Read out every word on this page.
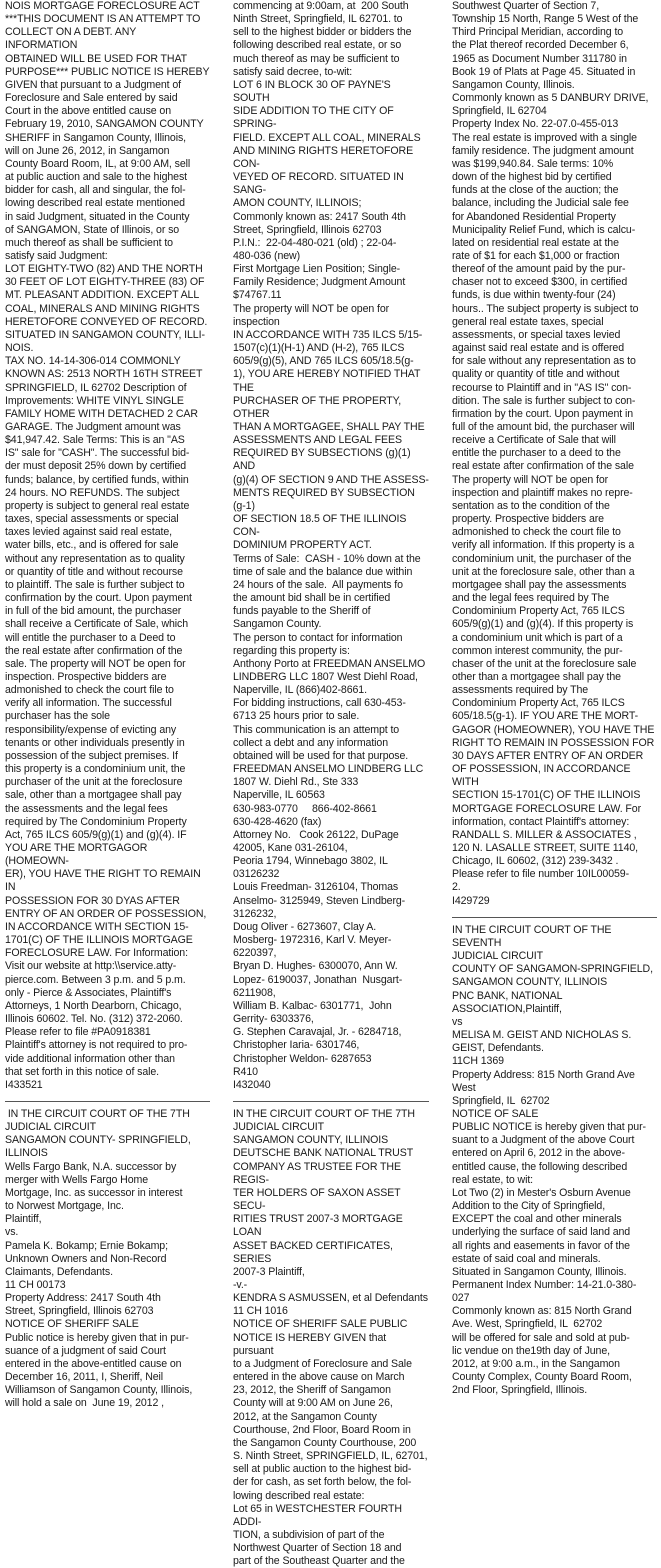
NOIS MORTGAGE FORECLOSURE ACT

***THIS DOCUMENT IS AN ATTEMPT TO

COLLECT ON A DEBT. ANY INFORMATION

OBTAINED WILL BE USED FOR THAT

PURPOSE*** PUBLIC NOTICE IS HEREBY

GIVEN that pursuant to a Judgment of

Foreclosure and Sale entered by said

Court in the above entitled cause on

February 19, 2010, SANGAMON COUNTY

SHERIFF in Sangamon County, Illinois,

will on June 26, 2012, in Sangamon

County Board Room, IL, at 9:00 AM, sell

at public auction and sale to the highest

bidder for cash, all and singular, the fol-

lowing described real estate mentioned

in said Judgment, situated in the County

of SANGAMON, State of Illinois, or so

much thereof as shall be sufficient to

satisfy said Judgment:

LOT EIGHTY-TWO (82) AND THE NORTH

30 FEET OF LOT EIGHTY-THREE (83) OF

MT. PLEASANT ADDITION. EXCEPT ALL

COAL, MINERALS AND MINING RIGHTS

HERETOFORE CONVEYED OF RECORD.

SITUATED IN SANGAMON COUNTY, ILLI-

NOIS.

TAX NO. 14-14-306-014 COMMONLY

KNOWN AS: 2513 NORTH 16TH STREET

SPRINGFIELD, IL 62702 Description of

Improvements: WHITE VINYL SINGLE

FAMILY HOME WITH DETACHED 2 CAR

GARAGE. The Judgment amount was

$41,947.42. Sale Terms: This is an "AS

IS" sale for "CASH". The successful bid-

der must deposit 25% down by certified

funds; balance, by certified funds, within

24 hours. NO REFUNDS. The subject

property is subject to general real estate

taxes, special assessments or special

taxes levied against said real estate,

water bills, etc., and is offered for sale

without any representation as to quality

or quantity of title and without recourse

to plaintiff. The sale is further subject to

confirmation by the court. Upon payment

in full of the bid amount, the purchaser

shall receive a Certificate of Sale, which

will entitle the purchaser to a Deed to

the real estate after confirmation of the

sale. The property will NOT be open for

inspection. Prospective bidders are

admonished to check the court file to

verify all information. The successful

purchaser has the sole

responsibility/expense of evicting any

tenants or other individuals presently in

possession of the subject premises. If

this property is a condominium unit, the

purchaser of the unit at the foreclosure

sale, other than a mortgagee shall pay

the assessments and the legal fees

required by The Condominium Property

Act, 765 ILCS 605/9(g)(1) and (g)(4). IF

YOU ARE THE MORTGAGOR (HOMEOWN-

ER), YOU HAVE THE RIGHT TO REMAIN IN

POSSESSION FOR 30 DYAS AFTER

ENTRY OF AN ORDER OF POSSESSION,

IN ACCORDANCE WITH SECTION 15-

1701(C) OF THE ILLINOIS MORTGAGE

FORECLOSURE LAW. For Information:

Visit our website at http:\\service.atty-

pierce.com. Between 3 p.m. and 5 p.m.

only - Pierce & Associates, Plaintiff's

Attorneys, 1 North Dearborn, Chicago,

Illinois 60602. Tel. No. (312) 372-2060.

Please refer to file #PA0918381

Plaintiff's attorney is not required to pro-

vide additional information other than

that set forth in this notice of sale.

I433521

IN THE CIRCUIT COURT OF THE 7TH

JUDICIAL CIRCUIT

SANGAMON COUNTY- SPRINGFIELD,

ILLINOIS

Wells Fargo Bank, N.A. successor by

merger with Wells Fargo Home

Mortgage, Inc. as successor in interest

to Norwest Mortgage, Inc.

Plaintiff,

vs.

Pamela K. Bokamp; Ernie Bokamp;

Unknown Owners and Non-Record

Claimants, Defendants.

11 CH 00173

Property Address: 2417 South 4th

Street, Springfield, Illinois 62703

NOTICE OF SHERIFF SALE

Public notice is hereby given that in pur-

suance of a judgment of said Court

entered in the above-entitled cause on

December 16, 2011, I, Sheriff, Neil

Williamson of Sangamon County, Illinois,

will hold a sale on  June 19, 2012 ,

commencing at 9:00am, at  200 South

Ninth Street, Springfield, IL 62701. to

sell to the highest bidder or bidders the

following described real estate, or so

much thereof as may be sufficient to

satisfy said decree, to-wit:

LOT 6 IN BLOCK 30 OF PAYNE'S SOUTH

SIDE ADDITION TO THE CITY OF SPRING-

FIELD. EXCEPT ALL COAL, MINERALS

AND MINING RIGHTS HERETOFORE CON-

VEYED OF RECORD. SITUATED IN SANG-

AMON COUNTY, ILLINOIS;

Commonly known as: 2417 South 4th

Street, Springfield, Illinois 62703

P.I.N.:  22-04-480-021 (old) ; 22-04-

480-036 (new)

First Mortgage Lien Position; Single-

Family Residence; Judgment Amount

$74767.11

The property will NOT be open for

inspection

IN ACCORDANCE WITH 735 ILCS 5/15-

1507(c)(1)(H-1) AND (H-2), 765 ILCS

605/9(g)(5), AND 765 ILCS 605/18.5(g-

1), YOU ARE HEREBY NOTIFIED THAT THE

PURCHASER OF THE PROPERTY, OTHER

THAN A MORTGAGEE, SHALL PAY THE

ASSESSMENTS AND LEGAL FEES

REQUIRED BY SUBSECTIONS (g)(1) AND

(g)(4) OF SECTION 9 AND THE ASSESS-

MENTS REQUIRED BY SUBSECTION (g-1)

OF SECTION 18.5 OF THE ILLINOIS CON-

DOMINIUM PROPERTY ACT.

Terms of Sale:  CASH - 10% down at the

time of sale and the balance due within

24 hours of the sale.  All payments fo

the amount bid shall be in certified

funds payable to the Sheriff of

Sangamon County.

The person to contact for information

regarding this property is:

Anthony Porto at FREEDMAN ANSELMO

LINDBERG LLC 1807 West Diehl Road,

Naperville, IL (866)402-8661.

For bidding instructions, call 630-453-

6713 25 hours prior to sale.

This communication is an attempt to

collect a debt and any information

obtained will be used for that purpose.

FREEDMAN ANSELMO LINDBERG LLC

1807 W. Diehl Rd., Ste 333

Naperville, IL 60563

630-983-0770     866-402-8661

630-428-4620 (fax)

Attorney No.   Cook 26122, DuPage

42005, Kane 031-26104,

Peoria 1794, Winnebago 3802, IL

03126232

Louis Freedman- 3126104, Thomas

Anselmo- 3125949, Steven Lindberg-

3126232,

Doug Oliver - 6273607, Clay A.

Mosberg- 1972316, Karl V. Meyer-

6220397,

Bryan D. Hughes- 6300070, Ann W.

Lopez- 6190037, Jonathan  Nusgart-

6211908,

William B. Kalbac- 6301771,  John

Gerrity- 6303376,

G. Stephen Caravajal, Jr. - 6284718,

Christopher Iaria- 6301746,

Christopher Weldon- 6287653

R410

I432040

IN THE CIRCUIT COURT OF THE 7TH

JUDICIAL CIRCUIT

SANGAMON COUNTY, ILLINOIS

DEUTSCHE BANK NATIONAL TRUST

COMPANY AS TRUSTEE FOR THE REGIS-

TER HOLDERS OF SAXON ASSET SECU-

RITIES TRUST 2007-3 MORTGAGE LOAN

ASSET BACKED CERTIFICATES, SERIES

2007-3 Plaintiff,

-v.-

KENDRA S ASMUSSEN, et al Defendants

11 CH 1016

NOTICE OF SHERIFF SALE PUBLIC

NOTICE IS HEREBY GIVEN that pursuant

to a Judgment of Foreclosure and Sale

entered in the above cause on March

23, 2012, the Sheriff of Sangamon

County will at 9:00 AM on June 26,

2012, at the Sangamon County

Courthouse, 2nd Floor, Board Room in

the Sangamon County Courthouse, 200

S. Ninth Street, SPRINGFIELD, IL, 62701,

sell at public auction to the highest bid-

der for cash, as set forth below, the fol-

lowing described real estate:

Lot 65 in WESTCHESTER FOURTH ADDI-

TION, a subdivision of part of the

Northwest Quarter of Section 18 and

part of the Southeast Quarter and the

Southwest Quarter of Section 7,

Township 15 North, Range 5 West of the

Third Principal Meridian, according to

the Plat thereof recorded December 6,

1965 as Document Number 311780 in

Book 19 of Plats at Page 45. Situated in

Sangamon County, Illinois.

Commonly known as 5 DANBURY DRIVE,

Springfield, IL 62704

Property Index No. 22-07.0-455-013

The real estate is improved with a single

family residence. The judgment amount

was $199,940.84. Sale terms: 10%

down of the highest bid by certified

funds at the close of the auction; the

balance, including the Judicial sale fee

for Abandoned Residential Property

Municipality Relief Fund, which is calcu-

lated on residential real estate at the

rate of $1 for each $1,000 or fraction

thereof of the amount paid by the pur-

chaser not to exceed $300, in certified

funds, is due within twenty-four (24)

hours.. The subject property is subject to

general real estate taxes, special

assessments, or special taxes levied

against said real estate and is offered

for sale without any representation as to

quality or quantity of title and without

recourse to Plaintiff and in "AS IS" con-

dition. The sale is further subject to con-

firmation by the court. Upon payment in

full of the amount bid, the purchaser will

receive a Certificate of Sale that will

entitle the purchaser to a deed to the

real estate after confirmation of the sale

The property will NOT be open for

inspection and plaintiff makes no repre-

sentation as to the condition of the

property. Prospective bidders are

admonished to check the court file to

verify all information. If this property is a

condominium unit, the purchaser of the

unit at the foreclosure sale, other than a

mortgagee shall pay the assessments

and the legal fees required by The

Condominium Property Act, 765 ILCS

605/9(g)(1) and (g)(4). If this property is

a condominium unit which is part of a

common interest community, the pur-

chaser of the unit at the foreclosure sale

other than a mortgagee shall pay the

assessments required by The

Condominium Property Act, 765 ILCS

605/18.5(g-1). IF YOU ARE THE MORT-

GAGOR (HOMEOWNER), YOU HAVE THE

RIGHT TO REMAIN IN POSSESSION FOR

30 DAYS AFTER ENTRY OF AN ORDER

OF POSSESSION, IN ACCORDANCE WITH

SECTION 15-1701(C) OF THE ILLINOIS

MORTGAGE FORECLOSURE LAW. For

information, contact Plaintiff's attorney:

RANDALL S. MILLER & ASSOCIATES ,

120 N. LASALLE STREET, SUITE 1140,

Chicago, IL 60602, (312) 239-3432 .

Please refer to file number 10IL00059-

2.

I429729

IN THE CIRCUIT COURT OF THE SEVENTH

JUDICIAL CIRCUIT

COUNTY OF SANGAMON-SPRINGFIELD,

SANGAMON COUNTY, ILLINOIS

PNC BANK, NATIONAL

ASSOCIATION,Plaintiff,

vs

MELISA M. GEIST AND NICHOLAS S.

GEIST, Defendants.

11CH 1369

Property Address: 815 North Grand Ave

West

Springfield, IL  62702

NOTICE OF SALE

PUBLIC NOTICE is hereby given that pur-

suant to a Judgment of the above Court

entered on April 6, 2012 in the above-

entitled cause, the following described

real estate, to wit:

Lot Two (2) in Mester's Osburn Avenue

Addition to the City of Springfield,

EXCEPT the coal and other minerals

underlying the surface of said land and

all rights and easements in favor of the

estate of said coal and minerals.

Situated in Sangamon County, Illinois.

Permanent Index Number: 14-21.0-380-

027

Commonly known as: 815 North Grand

Ave. West, Springfield, IL  62702

will be offered for sale and sold at pub-

lic vendue on the19th day of June,

2012, at 9:00 a.m., in the Sangamon

County Complex, County Board Room,

2nd Floor, Springfield, Illinois.
